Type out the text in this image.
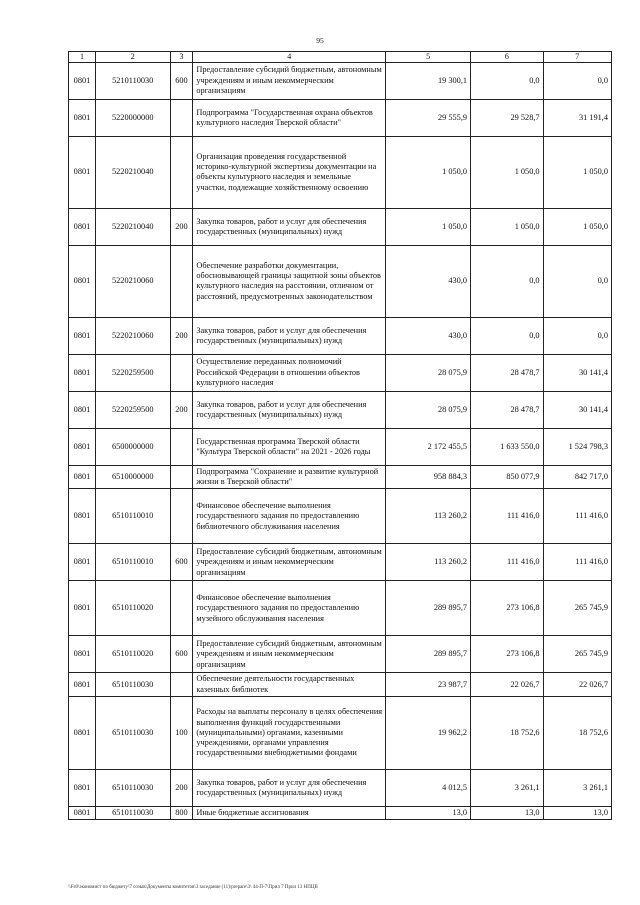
95
1	2	3	4	5	6	7
0801	5210110030	600	Предоставление субсидий бюджетным, автономным учреждениям и иным некоммерческим организациям	19 300,1	0,0	0,0
0801	5220000000		Подпрограмма "Государственная охрана объектов культурного наследия Тверской области"	29 555,9	29 528,7	31 191,4
0801	5220210040		Организация проведения государственной историко-культурной экспертизы документации на объекты культурного наследия и земельные участки, подлежащие хозяйственному освоению	1 050,0	1 050,0	1 050,0
0801	5220210040	200	Закупка товаров, работ и услуг для обеспечения государственных (муниципальных) нужд	1 050,0	1 050,0	1 050,0
0801	5220210060		Обеспечение разработки документации, обосновывающей границы защитной зоны объектов культурного наследия на расстоянии, отличном от расстояний, предусмотренных законодательством	430,0	0,0	0,0
0801	5220210060	200	Закупка товаров, работ и услуг для обеспечения государственных (муниципальных) нужд	430,0	0,0	0,0
0801	5220259500		Осуществление переданных полномочий Российской Федерации в отношении объектов культурного наследия	28 075,9	28 478,7	30 141,4
0801	5220259500	200	Закупка товаров, работ и услуг для обеспечения государственных (муниципальных) нужд	28 075,9	28 478,7	30 141,4
0801	6500000000		Государственная программа Тверской области "Культура Тверской области" на 2021 - 2026 годы	2 172 455,5	1 633 550,0	1 524 798,3
0801	6510000000		Подпрограмма "Сохранение и развитие культурной жизни в Тверской области"	958 884,3	850 077,9	842 717,0
0801	6510110010		Финансовое обеспечение выполнения государственного задания по предоставлению библиотечного обслуживания населения	113 260,2	111 416,0	111 416,0
0801	6510110010	600	Предоставление субсидий бюджетным, автономным учреждениям и иным некоммерческим организациям	113 260,2	111 416,0	111 416,0
0801	6510110020		Финансовое обеспечение выполнения государственного задания по предоставлению музейного обслуживания населения	289 895,7	273 106,8	265 745,9
0801	6510110020	600	Предоставление субсидий бюджетным, автономным учреждениям и иным некоммерческим организациям	289 895,7	273 106,8	265 745,9
0801	6510110030		Обеспечение деятельности государственных казенных библиотек	23 987,7	22 026,7	22 026,7
0801	6510110030	100	Расходы на выплаты персоналу в целях обеспечения выполнения функций государственными (муниципальными) органами, казенными учреждениями, органами управления государственными внебюджетными фондами	19 962,2	18 752,6	18 752,6
0801	6510110030	200	Закупка товаров, работ и услуг для обеспечения государственных (муниципальных) нужд	4 012,5	3 261,1	3 261,1
0801	6510110030	800	Иные бюджетные ассигнования	13,0	13,0	13,0
\\Fs0\экономист по бюджету\7 созыв\Документы комитетов\3 заседание (11)\prepare\3\ 44-П-7\Прил 7 Прил 13 НПЦВ
